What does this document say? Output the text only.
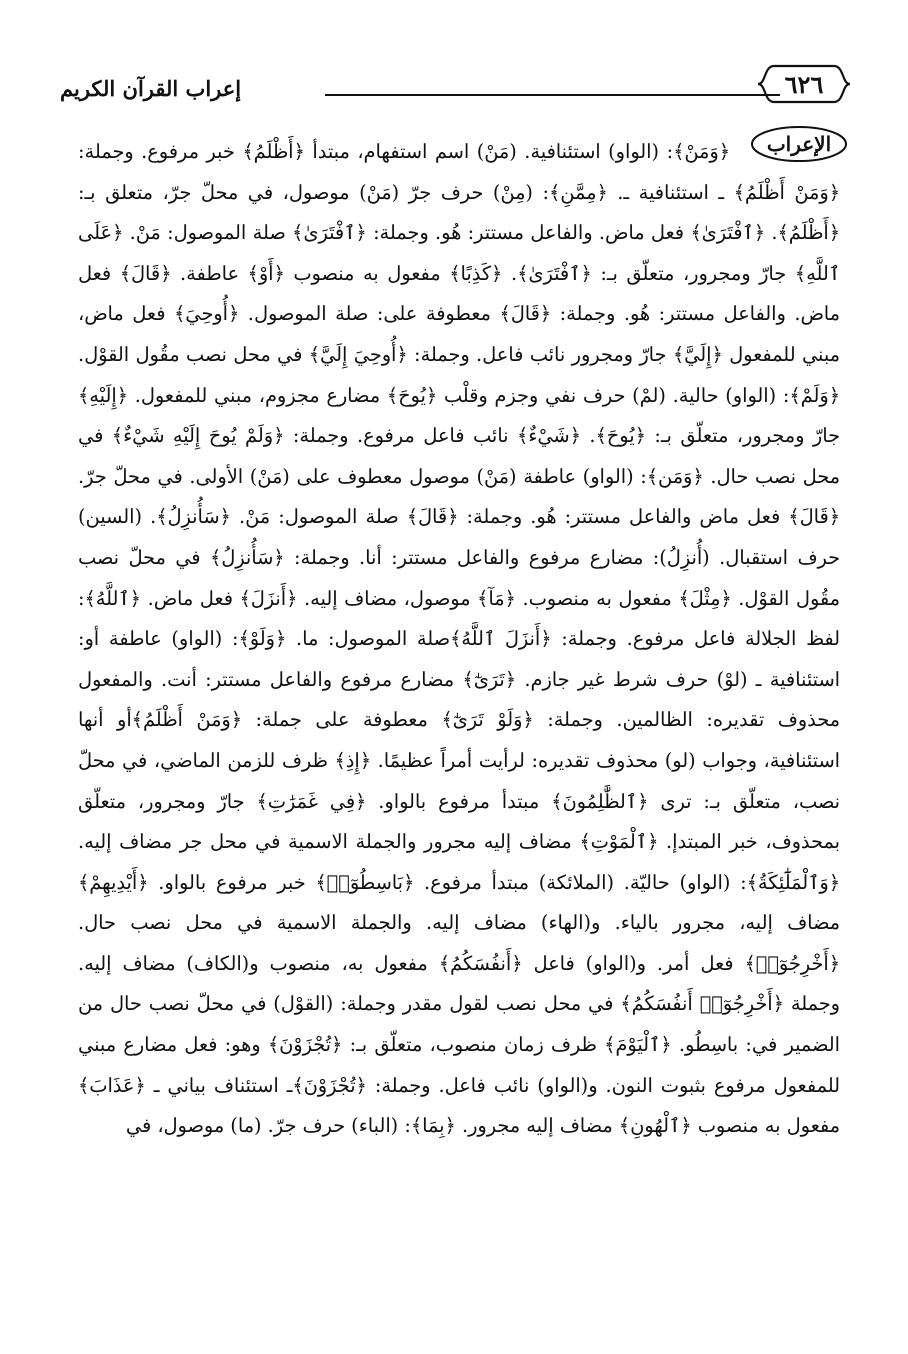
إعراب القرآن الكريم	٦٢٦
الإعراب

﴿وَمَنْ﴾: (الواو) استئنافية. (مَنْ) اسم استفهام، مبتدأ ﴿أَظْلَمُ﴾ خبر مرفوع. وجملة: ﴿وَمَنْ أَظْلَمُ﴾ ـ استئنافية ـ. ﴿مِمَّنِ﴾: (مِنْ) حرف جرّ (مَنْ) موصول، في محلّ جرّ، متعلق بـ: ﴿أَظْلَمُ﴾. ﴿ٱفْتَرَىٰ﴾ فعل ماض. والفاعل مستتر: هُو. وجملة: ﴿ٱفْتَرَىٰ﴾ صلة الموصول: مَنْ. ﴿عَلَى ٱللَّهِ﴾ جارّ ومجرور، متعلّق بـ: ﴿ٱفْتَرَىٰ﴾. ﴿كَذِبًا﴾ مفعول به منصوب ﴿أَوْ﴾ عاطفة. ﴿قَالَ﴾ فعل ماض. والفاعل مستتر: هُو. وجملة: ﴿قَالَ﴾ معطوفة على: صلة الموصول. ﴿أُوحِيَ﴾ فعل ماض، مبني للمفعول ﴿إِلَيَّ﴾ جارّ ومجرور نائب فاعل. وجملة: ﴿أُوحِيَ إِلَيَّ﴾ في محل نصب مقُول القوْل. ﴿وَلَمْ﴾: (الواو) حالية. (لمْ) حرف نفي وجزم وقلْب ﴿يُوحَ﴾ مضارع مجزوم، مبني للمفعول. ﴿إِلَيْهِ﴾ جارّ ومجرور، متعلّق بـ: ﴿يُوحَ﴾. ﴿شَيْءٌ﴾ نائب فاعل مرفوع. وجملة: ﴿وَلَمْ يُوحَ إِلَيْهِ شَيْءٌ﴾ في محل نصب حال. ﴿وَمَن﴾: (الواو) عاطفة (مَنْ) موصول معطوف على (مَنْ) الأولى. في محلّ جرّ. ﴿قَالَ﴾ فعل ماض والفاعل مستتر: هُو. وجملة: ﴿قَالَ﴾ صلة الموصول: مَنْ. ﴿سَأُنزِلُ﴾. (السين) حرف استقبال. (أُنزِلُ): مضارع مرفوع والفاعل مستتر: أنا. وجملة: ﴿سَأُنزِلُ﴾ في محلّ نصب مقُول القوْل. ﴿مِثْلَ﴾ مفعول به منصوب. ﴿مَآ﴾ موصول، مضاف إليه. ﴿أَنزَلَ﴾ فعل ماض. ﴿ٱللَّهُ﴾: لفظ الجلالة فاعل مرفوع. وجملة: ﴿أَنزَلَ ٱللَّهُ﴾صلة الموصول: ما. ﴿وَلَوْ﴾: (الواو) عاطفة أو: استئنافية ـ (لوْ) حرف شرط غير جازم. ﴿تَرَىٰٓ﴾ مضارع مرفوع والفاعل مستتر: أنت. والمفعول محذوف تقديره: الظالمين. وجملة: ﴿وَلَوْ تَرَىٰٓ﴾ معطوفة على جملة: ﴿وَمَنْ أَظْلَمُ﴾أو أنها استئنافية، وجواب (لو) محذوف تقديره: لرأيت أمراً عظيمًا. ﴿إِذِ﴾ ظرف للزمن الماضي، في محلّ نصب، متعلّق بـ: ترى ﴿ٱلظَّٰلِمُونَ﴾ مبتدأ مرفوع بالواو. ﴿فِي غَمَرَٰتِ﴾ جارّ ومجرور، متعلّق بمحذوف، خبر المبتدإ. ﴿ٱلْمَوْتِ﴾ مضاف إليه مجرور والجملة الاسمية في محل جر مضاف إليه. ﴿وَٱلْمَلَٰٓئِكَةُ﴾: (الواو) حاليّة. (الملائكة) مبتدأ مرفوع. ﴿بَاسِطُوٓا۟﴾ خبر مرفوع بالواو. ﴿أَيْدِيهِمْ﴾ مضاف إليه، مجرور بالياء. و(الهاء) مضاف إليه. والجملة الاسمية في محل نصب حال. ﴿أَخْرِجُوٓا۟﴾ فعل أمر. و(الواو) فاعل ﴿أَنفُسَكُمُ﴾ مفعول به، منصوب و(الكاف) مضاف إليه. وجملة ﴿أَخْرِجُوٓا۟ أَنفُسَكُمُ﴾ في محل نصب لقول مقدر وجملة: (القوْل) في محلّ نصب حال من الضمير في: باسِطُو. ﴿ٱلْيَوْمَ﴾ ظرف زمان منصوب، متعلّق بـ: ﴿تُجْزَوْنَ﴾ وهو: فعل مضارع مبني للمفعول مرفوع بثبوت النون. و(الواو) نائب فاعل. وجملة: ﴿تُجْزَوْنَ﴾ـ استئناف بياني ـ ﴿عَذَابَ﴾ مفعول به منصوب ﴿ٱلْهُونِ﴾ مضاف إليه مجرور. ﴿بِمَا﴾: (الباء) حرف جرّ. (ما) موصول، في
